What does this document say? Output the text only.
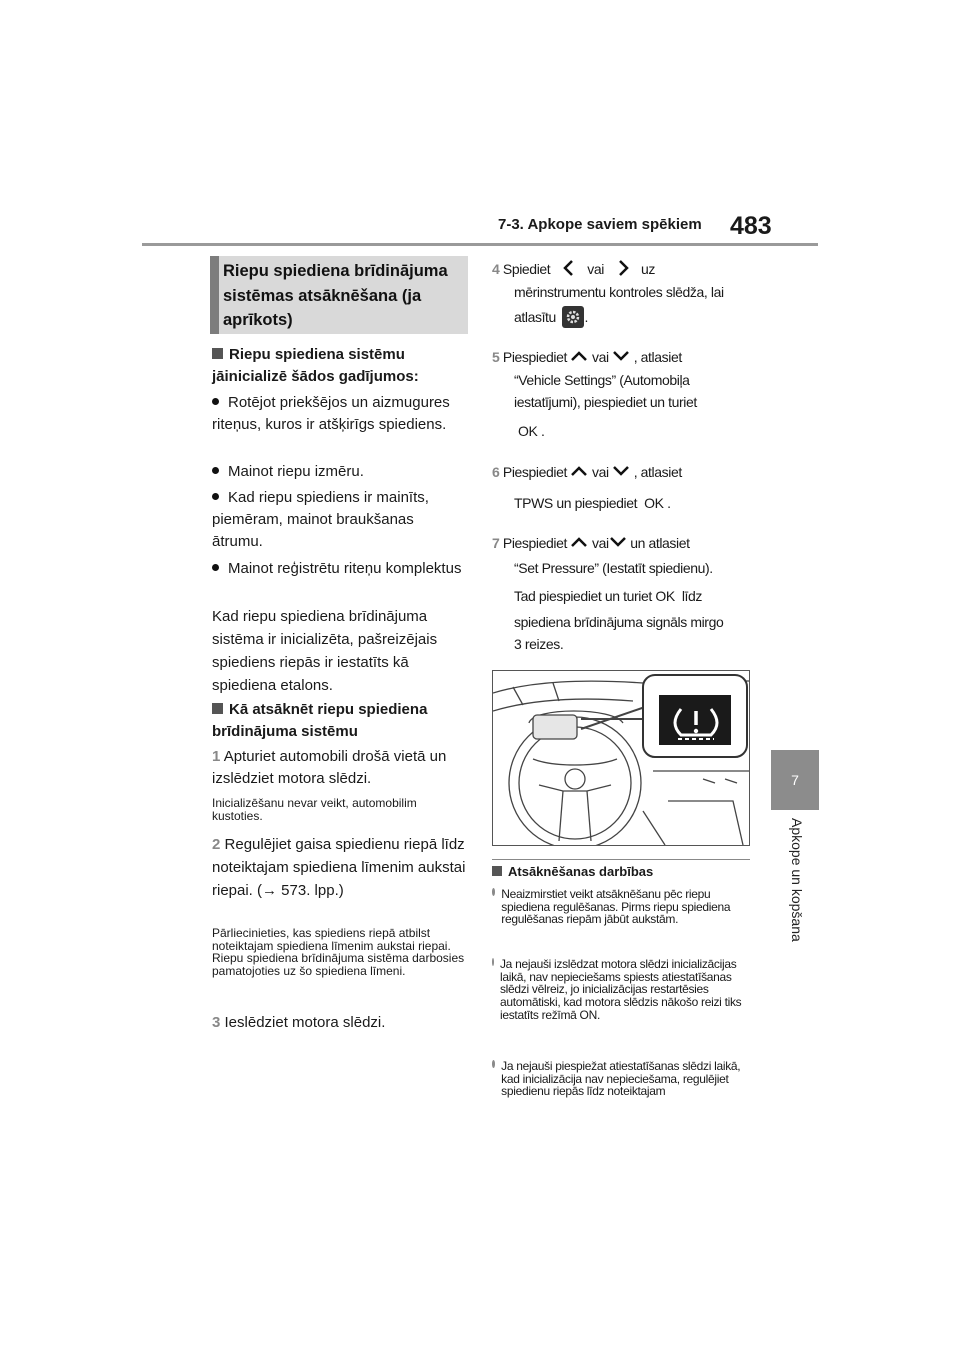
7-3. Apkope saviem spēkiem 483
7
Apkope un kopšana
Riepu spiediena brīdinājuma sistēmas atsāknēšana (ja aprīkots)
Riepu spiediena sistēmu jāinicializē šādos gadījumos:
Rotējot priekšējos un aizmugures riteņus, kuros ir atšķirīgs spiediens.
Mainot riepu izmēru.
Kad riepu spiediens ir mainīts, piemēram, mainot braukšanas ātrumu.
Mainot reģistrētu riteņu komplektus
Kad riepu spiediena brīdinājuma sistēma ir inicializēta, pašreizējais spiediens riepās ir iestatīts kā spiediena etalons.
Kā atsāknēt riepu spiediena brīdinājuma sistēmu
1 Apturiet automobili drošā vietā un izslēdziet motora slēdzi.
Inicializēšanu nevar veikt, automobilim kustoties.
2 Regulējiet gaisa spiedienu riepā līdz noteiktajam spiediena līmenim aukstai riepai. (→ 573. lpp.)
Pārliecinieties, kas spiediens riepā atbilst noteiktajam spiediena līmenim aukstai riepai. Riepu spiediena brīdinājuma sistēma darbosies pamatojoties uz šo spiediena līmeni.
3 Ieslēdziet motora slēdzi.
4 Spiediet	vai	uz
mērinstrumentu kontroles slēdža, lai
atlasītu .
5 Piespiediet vai , atlasiet
“Vehicle Settings” (Automobiļa
iestatījumi), piespiediet un turiet
OK .
6 Piespiediet vai , atlasiet
TPWS un piespiediet OK .
7 Piespiediet vai un atlasiet
“Set Pressure” (Iestatīt spiedienu).
Tad piespiediet un turiet OK līdz
spiediena brīdinājuma signāls mirgo
3 reizes.
Atsāknēšanas darbības
Neaizmirstiet veikt atsāknēšanu pēc riepu spiediena regulēšanas. Pirms riepu spiediena regulēšanas riepām jābūt aukstām.
Ja nejauši izslēdzat motora slēdzi inicializācijas laikā, nav nepieciešams spiests atiestatīšanas slēdzi vēlreiz, jo inicializācijas restartēsies automātiski, kad motora slēdzis nākošo reizi tiks iestatīts režīmā ON.
Ja nejauši piespiežat atiestatīšanas slēdzi laikā, kad inicializācija nav nepieciešama, regulējiet spiedienu riepās līdz noteiktajam
